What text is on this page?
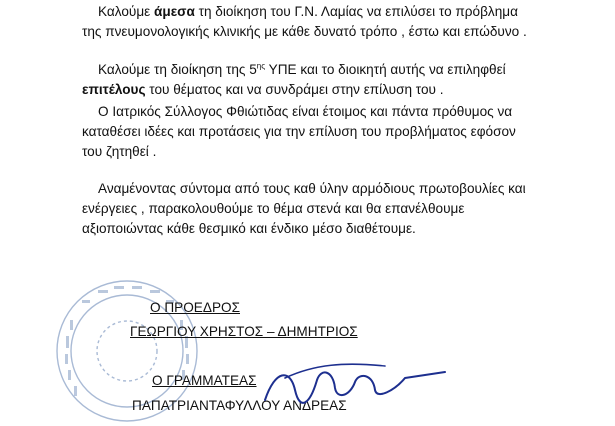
Καλούμε άμεσα τη διοίκηση του Γ.Ν. Λαμίας να επιλύσει το πρόβλημα

της πνευμονολογικής κλινικής με κάθε δυνατό τρόπο , έστω και επώδυνο .

Καλούμε τη διοίκηση της $5^{\eta\varsigma}$ ΥΠΕ και το διοικητή αυτής να επιληφθεί

επιτέλους του θέματος και να συνδράμει στην επίλυση του .

Ο Ιατρικός Σύλλογος Φθιώτιδας είναι έτοιμος και πάντα πρόθυμος να

καταθέσει ιδέες και προτάσεις για την επίλυση του προβλήματος εφόσον

του ζητηθεί .

Αναμένοντας σύντομα από τους καθ ύλην αρμόδιους πρωτοβουλίες και

ενέργειες , παρακολουθούμε το θέμα στενά και θα επανέλθουμε

αξιοποιώντας κάθε θεσμικό και ένδικο μέσο διαθέτουμε.

Ο ΠΡΟΕΔΡΟΣ
ΓΕΩΡΓΙΟΥ ΧΡΗΣΤΟΣ – ΔΗΜΗΤΡΙΟΣ
Ο ΓΡΑΜΜΑΤΕΑΣ
ΠΑΠΑΤΡΙΑΝΤΑΦΥΛΛΟΥ ΑΝΔΡΕΑΣ
